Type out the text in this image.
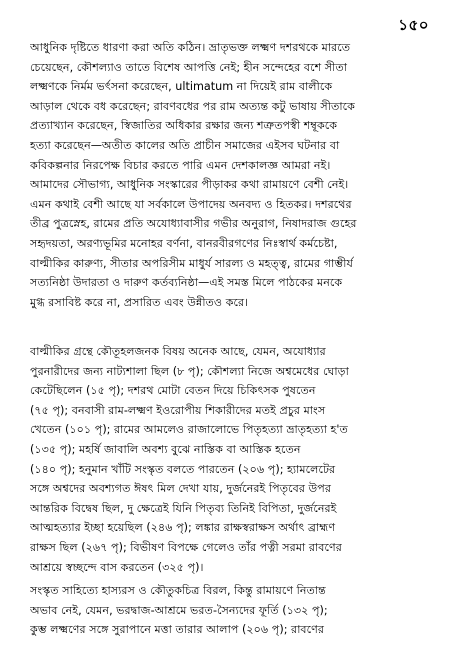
১৫০
আধুনিক দৃষ্টিতে ধারণা করা অতি কঠিন। ভ্রাতৃভক্ত লক্ষ্মণ দশরথকে মারতে
চেয়েছেন, কৌশল্যাও তাতে বিশেষ আপত্তি নেই; হীন সন্দেহের বশে সীতা
লক্ষ্মণকে নির্মম ভর্ৎসনা করেছেন, ultimatum না দিয়েই রাম বালীকে
আড়াল থেকে বধ করেছেন; রাবণবধের পর রাম অত্যন্ত কটু ভাষায় সীতাকে
প্রত্যাখ্যান করেছেন, স্বিজাতির অধিকার রক্ষার জন্য শত্রুতপস্বী শম্বূককে
হত্যা করেছেন—অতীত কালের অতি প্রাচীন সমাজের এইসব ঘটনার বা
কবিকল্পনার নিরপেক্ষ বিচার করতে পারি এমন দেশকালজ্ঞ আমরা নই।
আমাদের সৌভাগ্য, আধুনিক সংস্কারের পীড়াকর কথা রামায়ণে বেশী নেই।
এমন কথাই বেশী আছে যা সর্বকালে উপাদেয় অনবদ্য ও হিতকর। দশরথের
তীব্র পুত্রস্নেহ, রামের প্রতি অযোধ্যাবাসীর গভীর অনুরাগ, নিষাদরাজ গুহের
সহৃদয়তা, অরণ্যভূমির মনোহর বর্ণনা, বানরবীরগণের নিঃস্বার্থ কর্মচেষ্টা,
বাল্মীকির কারুণ্য, সীতার অপরিসীম মাধুর্য সারল্য ও মহত্ত্ব, রামের গাম্ভীর্য
সত্যনিষ্ঠা উদারতা ও দারুণ কর্তব্যনিষ্ঠা—এই সমস্ত মিলে পাঠকের মনকে
মুগ্ধ রসাবিষ্ট করে না, প্রসারিত এবং উন্নীতও করে।
বাল্মীকির গ্রন্থে কৌতূহলজনক বিষয় অনেক আছে, যেমন, অযোধ্যার
পুরনারীদের জন্য নাট্যশালা ছিল (৮ পৃ); কৌশল্যা নিজে অশ্বমেধের ঘোড়া
কেটেছিলেন (১৫ পৃ); দশরথ মোটা বেতন দিয়ে চিকিৎসক পুষতেন
(৭৫ পৃ); বনবাসী রাম-লক্ষ্মণ ইওরোপীয় শিকারীদের মতই প্রচুর মাংস
খেতেন (১০১ পৃ); রামের আমলেও রাজালোভে পিতৃহত্যা ভ্রাতৃহত্যা হ'ত
(১৩৫ পৃ); মহর্ষি জাবালি অবশ্য বুঝে নাস্তিক বা আস্তিক হতেন
(১৪০ পৃ); হনুমান খাঁটি সংস্কৃত বলতে পারতেন (২০৬ পৃ); হ্যামলেটের
সঙ্গে অশ্বদের অবশ্যগত ঈষৎ মিল দেখা যায়, দুর্জনেরই পিতৃবের উপর
আন্তরিক বিদ্বেষ ছিল, দু ক্ষেত্রেই যিনি পিতৃব্য তিনিই বিপিতা, দুর্জনেরই
আত্মহত্যার ইচ্ছা হয়েছিল (২৪৬ পৃ); লঙ্কার রাক্ষস্বরাক্ষস অর্থাৎ ব্রাহ্মণ
রাক্ষস ছিল (২৬৭ পৃ); বিভীষণ বিপক্ষে গেলেও তাঁর পত্নী সরমা রাবণের
আশ্রয়ে স্বচ্ছন্দে বাস করতেন (৩২৫ পৃ)।
সংস্কৃত সাহিত্যে হাস্যরস ও কৌতুকচিত্র বিরল, কিন্তু রামায়ণে নিতান্ত
অভাব নেই, যেমন, ভরদ্বাজ-আশ্রমে ভরত-সৈন্যদের ফূর্তি (১৩২ পৃ);
কুম্ভ লক্ষ্মণের সঙ্গে সুরাপানে মত্তা তারার আলাপ (২০৬ পৃ); রাবণের
